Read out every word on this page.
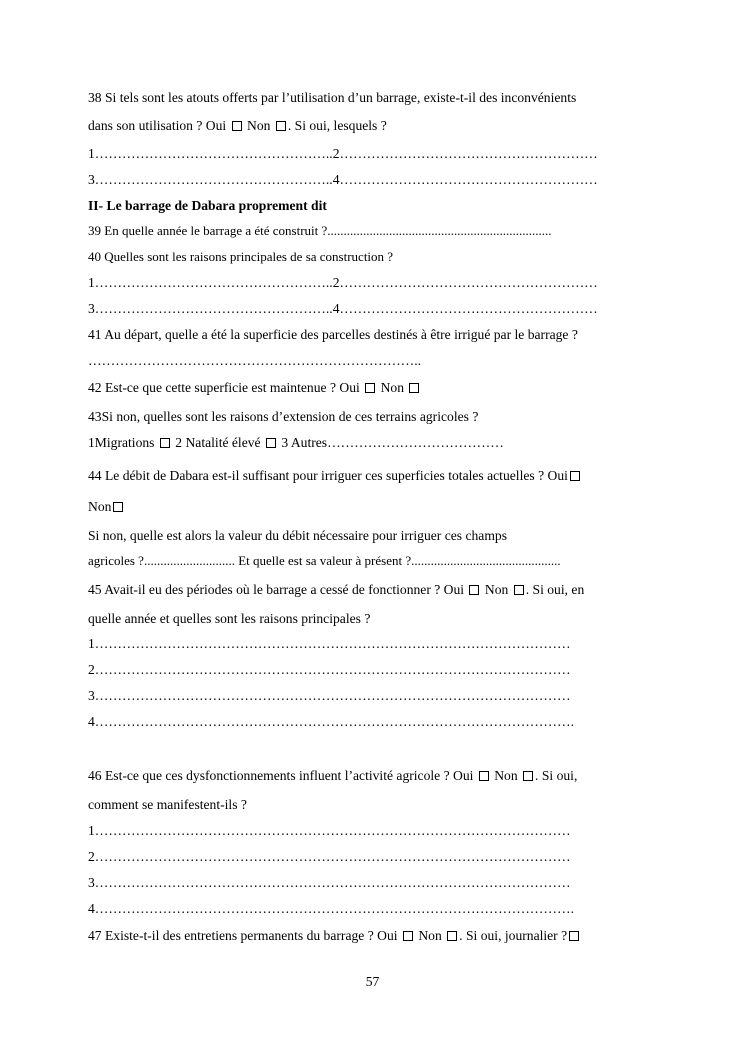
38 Si tels sont les atouts offerts par l’utilisation d’un barrage, existe-t-il des inconvénients
dans son utilisation ? Oui Non . Si oui, lesquels ?
1……………………………………………..2…………………………………………………
3……………………………………………..4…………………………………………………
II- Le barrage de Dabara proprement dit
39 En quelle année le barrage a été construit ?.....................................................................
40 Quelles sont les raisons principales de sa construction ?
1……………………………………………..2…………………………………………………
3……………………………………………..4…………………………………………………
41 Au départ, quelle a été la superficie des parcelles destinés à être irrigué par le barrage ?
………………………………………………………………..
42 Est-ce que cette superficie est maintenue ? Oui Non
43Si non, quelles sont les raisons d’extension de ces terrains agricoles ?
1Migrations 2 Natalité élevé 3 Autres…………………………………
44 Le débit de Dabara est-il suffisant pour irriguer ces superficies totales actuelles ? Oui
Non
Si non, quelle est alors la valeur du débit nécessaire pour irriguer ces champs
agricoles ?............................ Et quelle est sa valeur à présent ?..............................................
45 Avait-il eu des périodes où le barrage a cessé de fonctionner ? Oui Non . Si oui, en
quelle année et quelles sont les raisons principales ?
1……………………………………………………………………………………………
2……………………………………………………………………………………………
3……………………………………………………………………………………………
4…………………………………………………………………………………………….
46 Est-ce que ces dysfonctionnements influent l’activité agricole ? Oui Non . Si oui,
comment se manifestent-ils ?
1……………………………………………………………………………………………
2……………………………………………………………………………………………
3……………………………………………………………………………………………
4…………………………………………………………………………………………….
47 Existe-t-il des entretiens permanents du barrage ? Oui Non . Si oui, journalier ?
57
